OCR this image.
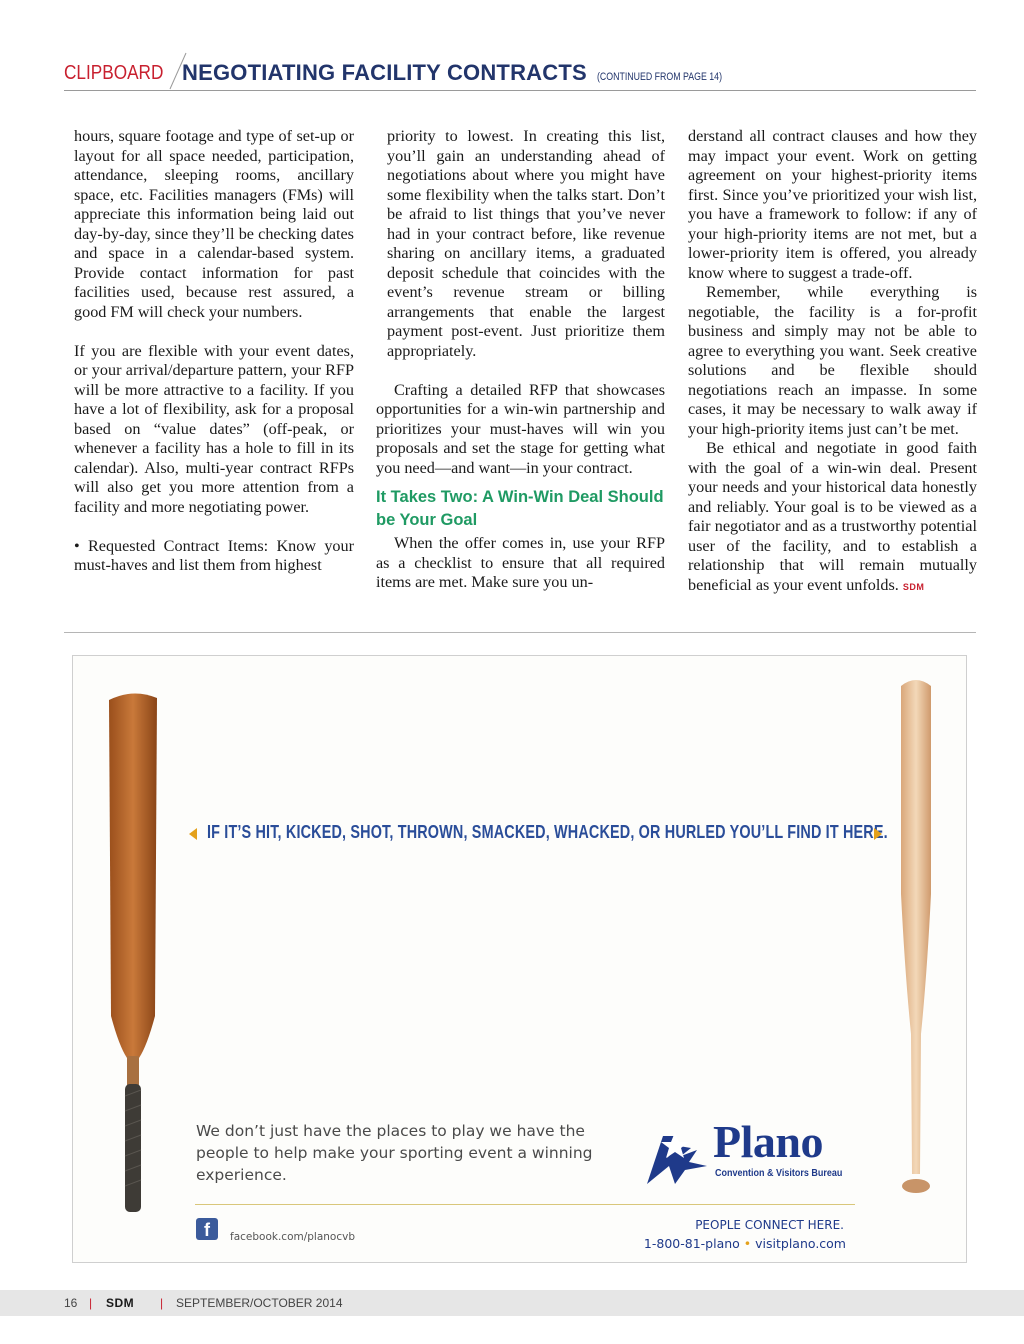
CLIPBOARD NEGOTIATING FACILITY CONTRACTS (CONTINUED FROM PAGE 14)

hours, square footage and type of set-up or layout for all space needed, participation, attendance, sleeping rooms, ancillary space, etc. Facilities managers (FMs) will appreciate this information being laid out day-by-day, since they’ll be checking dates and space in a calendar-based system. Provide contact information for past facilities used, because rest assured, a good FM will check your numbers.

If you are flexible with your event dates, or your arrival/departure pattern, your RFP will be more attractive to a facility. If you have a lot of flexibility, ask for a proposal based on “value dates” (off-peak, or whenever a facility has a hole to fill in its calendar). Also, multi-year contract RFPs will also get you more attention from a facility and more negotiating power.

• Requested Contract Items: Know your must-haves and list them from highest

priority to lowest. In creating this list, you’ll gain an understanding ahead of negotiations about where you might have some flexibility when the talks start. Don’t be afraid to list things that you’ve never had in your contract before, like revenue sharing on ancillary items, a graduated deposit schedule that coincides with the event’s revenue stream or billing arrangements that enable the largest payment post-event. Just prioritize them appropriately.

Crafting a detailed RFP that showcases opportunities for a win-win partnership and prioritizes your must-haves will win you proposals and set the stage for getting what you need—and want—in your contract.

It Takes Two: A Win-Win Deal Should be Your Goal

When the offer comes in, use your RFP as a checklist to ensure that all required items are met. Make sure you un-

derstand all contract clauses and how they may impact your event. Work on getting agreement on your highest-priority items first. Since you’ve prioritized your wish list, you have a framework to follow: if any of your high-priority items are not met, but a lower-priority item is offered, you already know where to suggest a trade-off.

Remember, while everything is negotiable, the facility is a for-profit business and simply may not be able to agree to everything you want. Seek creative solutions and be flexible should negotiations reach an impasse. In some cases, it may be necessary to walk away if your high-priority items just can’t be met.

Be ethical and negotiate in good faith with the goal of a win-win deal. Present your needs and your historical data honestly and reliably. Your goal is to be viewed as a fair negotiator and as a trustworthy potential user of the facility, and to establish a relationship that will remain mutually beneficial as your event unfolds. SDM

IF IT’S HIT, KICKED, SHOT, THROWN, SMACKED, WHACKED, OR HURLED YOU’LL FIND IT HERE.
We don’t just have the places to play we have the people to help make your sporting event a winning experience.
Plano
Convention & Visitors Bureau
f	facebook.com/planocvb
PEOPLE CONNECT HERE.
1-800-81-plano • visitplano.com
16 | SDM | SEPTEMBER/OCTOBER 2014
